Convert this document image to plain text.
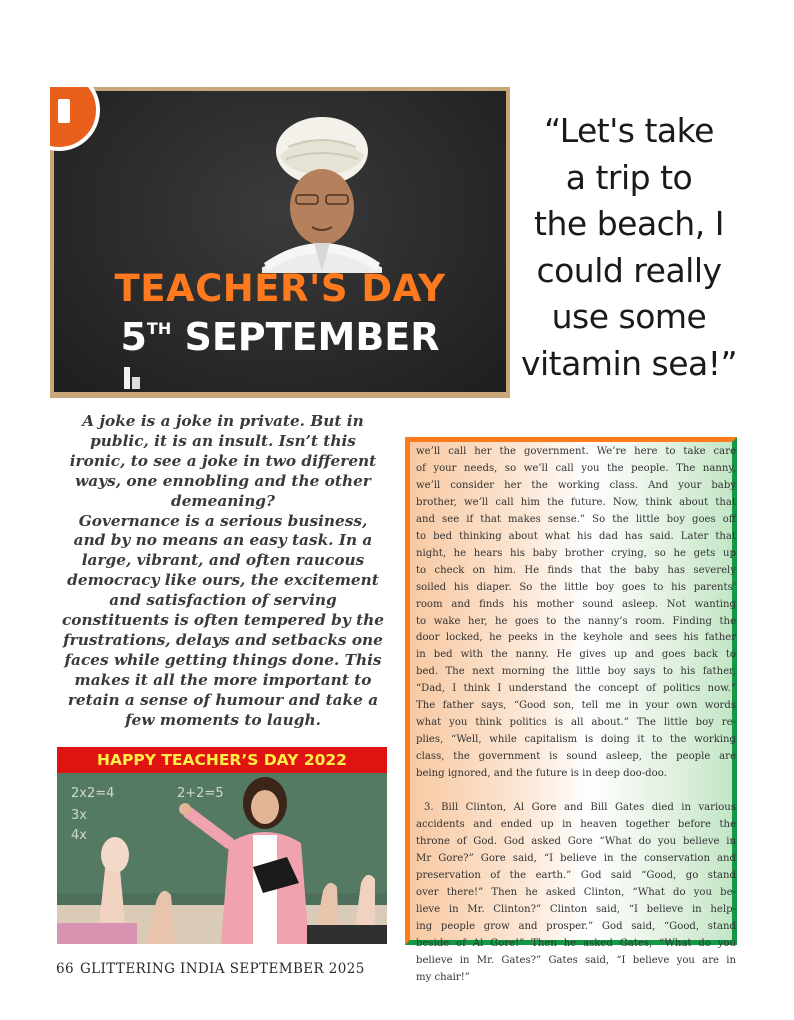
TEACHER'S DAY
5TH SEPTEMBER
“Let's take
a trip to
the beach, I
could really
use some
vitamin sea!”
A joke is a joke in private. But in
public, it is an insult. Isn’t this
ironic, to see a joke in two different
ways, one ennobling and the other
demeaning?
Governance is a serious business,
and by no means an easy task. In a
large, vibrant, and often raucous
democracy like ours, the excitement
and satisfaction of serving
constituents is often tempered by the
frustrations, delays and setbacks one
faces while getting things done. This
makes it all the more important to
retain a sense of humour and take a
few moments to laugh.
HAPPY TEACHER’S DAY 2022
2x2=4	2+2=5
3x
4x
we’ll call her the government. We’re here to take care
of your needs, so we’ll call you the people. The nanny,
we’ll consider her the working class. And your baby
brother, we’ll call him the future. Now, think about that
and see if that makes sense.” So the little boy goes off
to bed thinking about what his dad has said. Later that
night, he hears his baby brother crying, so he gets up
to check on him. He finds that the baby has severely
soiled his diaper. So the little boy goes to his parents’
room and finds his mother sound asleep. Not wanting
to wake her, he goes to the nanny’s room. Finding the
door locked, he peeks in the keyhole and sees his father
in bed with the nanny. He gives up and goes back to
bed. The next morning the little boy says to his father,
“Dad, I think I understand the concept of politics now.”
The father says, “Good son, tell me in your own words
what you think politics is all about.” The little boy re-
plies, “Well, while capitalism is doing it to the working
class, the government is sound asleep, the people are
being ignored, and the future is in deep doo-doo.
3. Bill Clinton, Al Gore and Bill Gates died in various
accidents and ended up in heaven together before the
throne of God. God asked Gore “What do you believe in
Mr Gore?” Gore said, “I believe in the conservation and
preservation of the earth.” God said “Good, go stand
over there!” Then he asked Clinton, “What do you be-
lieve in Mr. Clinton?” Clinton said, “I believe in help-
ing people grow and prosper.” God said, “Good, stand
beside of Al Gore!” Then he asked Gates, “What do you
believe in Mr. Gates?” Gates said, “I believe you are in
my chair!”
66 GLITTERING INDIA SEPTEMBER 2025
